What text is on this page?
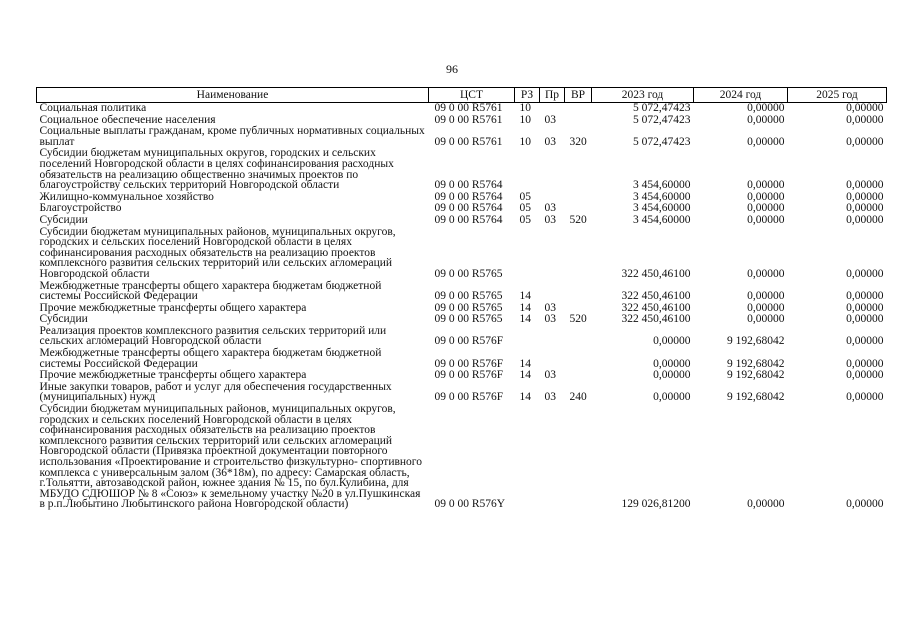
96
Наименование	ЦСТ	РЗ	Пр	ВР	2023 год	2024 год	2025 год
Социальная политика	09 0 00 R5761	10			5 072,47423	0,00000	0,00000
Социальное обеспечение населения	09 0 00 R5761	10	03		5 072,47423	0,00000	0,00000
Социальные выплаты гражданам, кроме публичных нормативных социальных выплат	09 0 00 R5761	10	03	320	5 072,47423	0,00000	0,00000
Субсидии бюджетам муниципальных округов, городских и сельских поселений Новгородской области в целях софинансирования расходных обязательств на реализацию общественно значимых проектов по благоустройству сельских территорий Новгородской области	09 0 00 R5764				3 454,60000	0,00000	0,00000
Жилищно-коммунальное хозяйство	09 0 00 R5764	05			3 454,60000	0,00000	0,00000
Благоустройство	09 0 00 R5764	05	03		3 454,60000	0,00000	0,00000
Субсидии	09 0 00 R5764	05	03	520	3 454,60000	0,00000	0,00000
Субсидии бюджетам муниципальных районов, муниципальных округов, городских и сельских поселений Новгородской области в целях софинансирования расходных обязательств на реализацию проектов комплексного развития сельских территорий или сельских агломераций Новгородской области	09 0 00 R5765				322 450,46100	0,00000	0,00000
Межбюджетные трансферты общего характера бюджетам бюджетной системы Российской Федерации	09 0 00 R5765	14			322 450,46100	0,00000	0,00000
Прочие межбюджетные трансферты общего характера	09 0 00 R5765	14	03		322 450,46100	0,00000	0,00000
Субсидии	09 0 00 R5765	14	03	520	322 450,46100	0,00000	0,00000
Реализация проектов комплексного развития сельских территорий или сельских агломераций Новгородской области	09 0 00 R576F				0,00000	9 192,68042	0,00000
Межбюджетные трансферты общего характера бюджетам бюджетной системы Российской Федерации	09 0 00 R576F	14			0,00000	9 192,68042	0,00000
Прочие межбюджетные трансферты общего характера	09 0 00 R576F	14	03		0,00000	9 192,68042	0,00000
Иные закупки товаров, работ и услуг для обеспечения государственных (муниципальных) нужд	09 0 00 R576F	14	03	240	0,00000	9 192,68042	0,00000
Субсидии бюджетам муниципальных районов, муниципальных округов, городских и сельских поселений Новгородской области в целях софинансирования расходных обязательств на реализацию проектов комплексного развития сельских территорий или сельских агломераций Новгородской области (Привязка проектной документации повторного использования «Проектирование и строительство физкультурно- спортивного комплекса с универсальным залом (36*18м), по адресу: Самарская область, г.Тольятти, автозаводской район, южнее здания № 15, по бул.Кулибина, для МБУДО СДЮШОР № 8 «Союз» к земельному участку №20 в ул.Пушкинская в р.п.Любытино Любытинского района Новгородской области)	09 0 00 R576Y				129 026,81200	0,00000	0,00000
